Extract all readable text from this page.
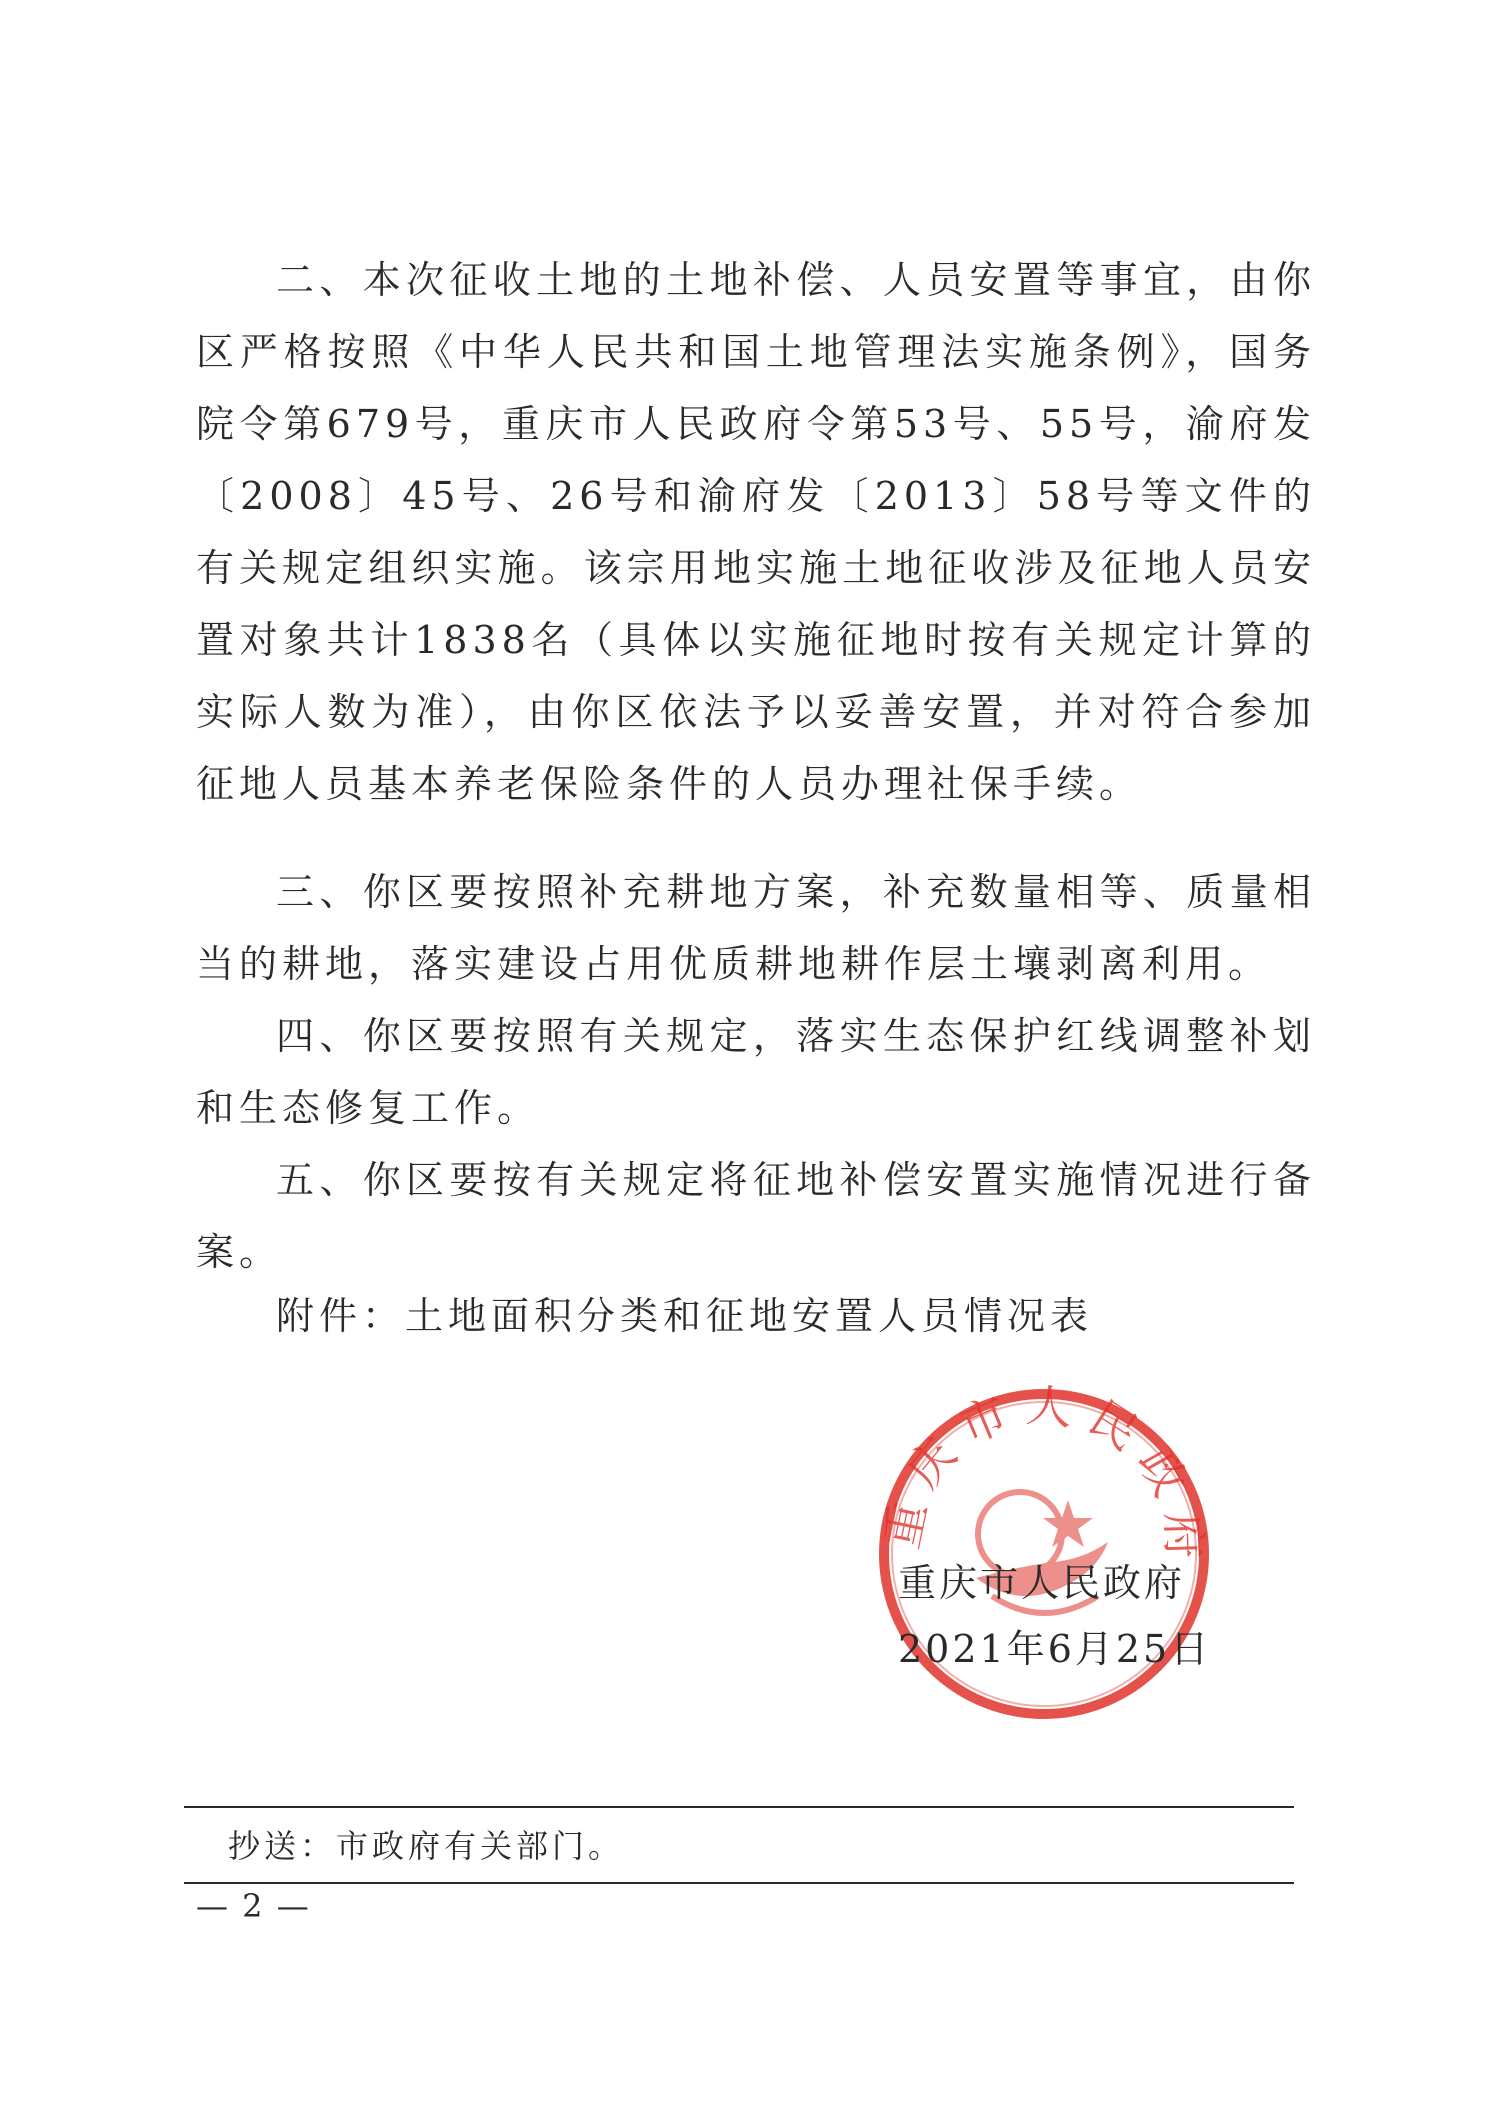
二、本次征收土地的土地补偿、人员安置等事宜，由你区严格按照《中华人民共和国土地管理法实施条例》，国务院令第679号，重庆市人民政府令第53号、55号，渝府发〔2008〕45号、26号和渝府发〔2013〕58号等文件的有关规定组织实施。该宗用地实施土地征收涉及征地人员安置对象共计1838名（具体以实施征地时按有关规定计算的实际人数为准），由你区依法予以妥善安置，并对符合参加征地人员基本养老保险条件的人员办理社保手续。

三、你区要按照补充耕地方案，补充数量相等、质量相当的耕地，落实建设占用优质耕地耕作层土壤剥离利用。

四、你区要按照有关规定，落实生态保护红线调整补划和生态修复工作。

五、你区要按有关规定将征地补偿安置实施情况进行备案。

附件：土地面积分类和征地安置人员情况表

重庆市人民政府
重庆市人民政府
2021年6月25日
抄送：市政府有关部门。
— 2 —
